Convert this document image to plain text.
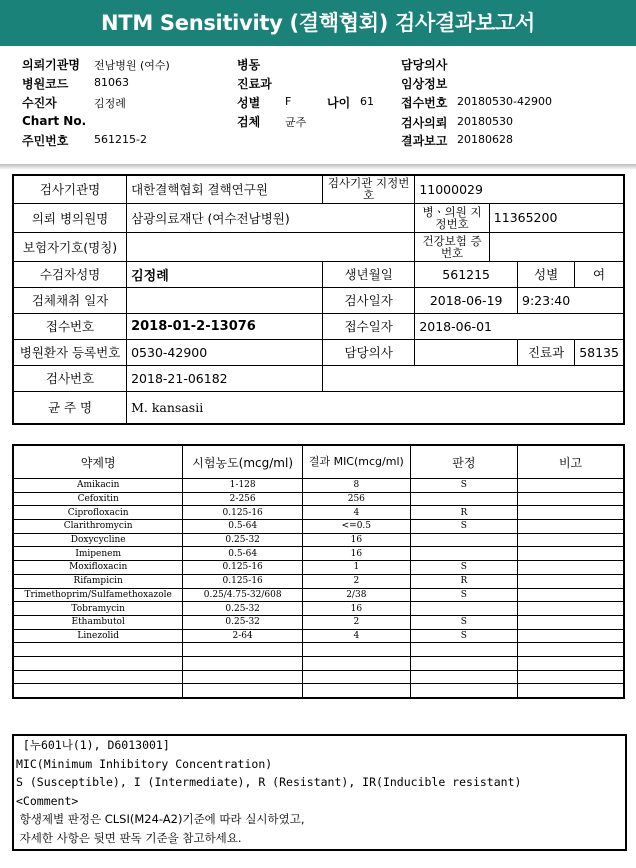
NTM Sensitivity (결핵협회) 검사결과보고서
의뢰기관명 전남병원 (여수)
병원코드 81063
수진자	김정례
Chart No.
주민번호 561215-2
병동
진료과
성별 F	나이 61
검체 균주
담당의사
임상정보
접수번호 20180530-42900
검사의뢰 20180530
결과보고 20180628
검사기관명	대한결핵협회 결핵연구원	검사기관 지정번호	11000029			
의뢰 병의원명	삼광의료재단 (여수전남병원)		병ㆍ의원 지정번호	11365200		
보험자기호(명칭)			건강보험 증번호			
수검자성명	김정례	생년월일	561215		성별	여
검체채취 일자		검사일자	2018-06-19		9:23:40	
접수번호	2018-01-2-13076	접수일자	2018-06-01			
병원환자 등록번호	0530-42900	담당의사			진료과	58135
검사번호	2018-21-06182					
균 주 명	M. kansasii					
약제명	시험농도(mcg/ml)	결과 MIC(mcg/ml)	판정	비고
Amikacin	1-128	8	S	
Cefoxitin	2-256	256		
Ciprofloxacin	0.125-16	4	R	
Clarithromycin	0.5-64	<=0.5	S	
Doxycycline	0.25-32	16		
Imipenem	0.5-64	16		
Moxifloxacin	0.125-16	1	S	
Rifampicin	0.125-16	2	R	
Trimethoprim/Sulfamethoxazole	0.25/4.75-32/608	2/38	S	
Tobramycin	0.25-32	16		
Ethambutol	0.25-32	2	S	
Linezolid	2-64	4	S	

[누601나(1), D6013001]
MIC(Minimum Inhibitory Concentration)
S (Susceptible), I (Intermediate), R (Resistant), IR(Inducible resistant)
<Comment>
항생제별 판정은 CLSI(M24-A2)기준에 따라 실시하였고,
자세한 사항은 뒷면 판독 기준을 참고하세요.
